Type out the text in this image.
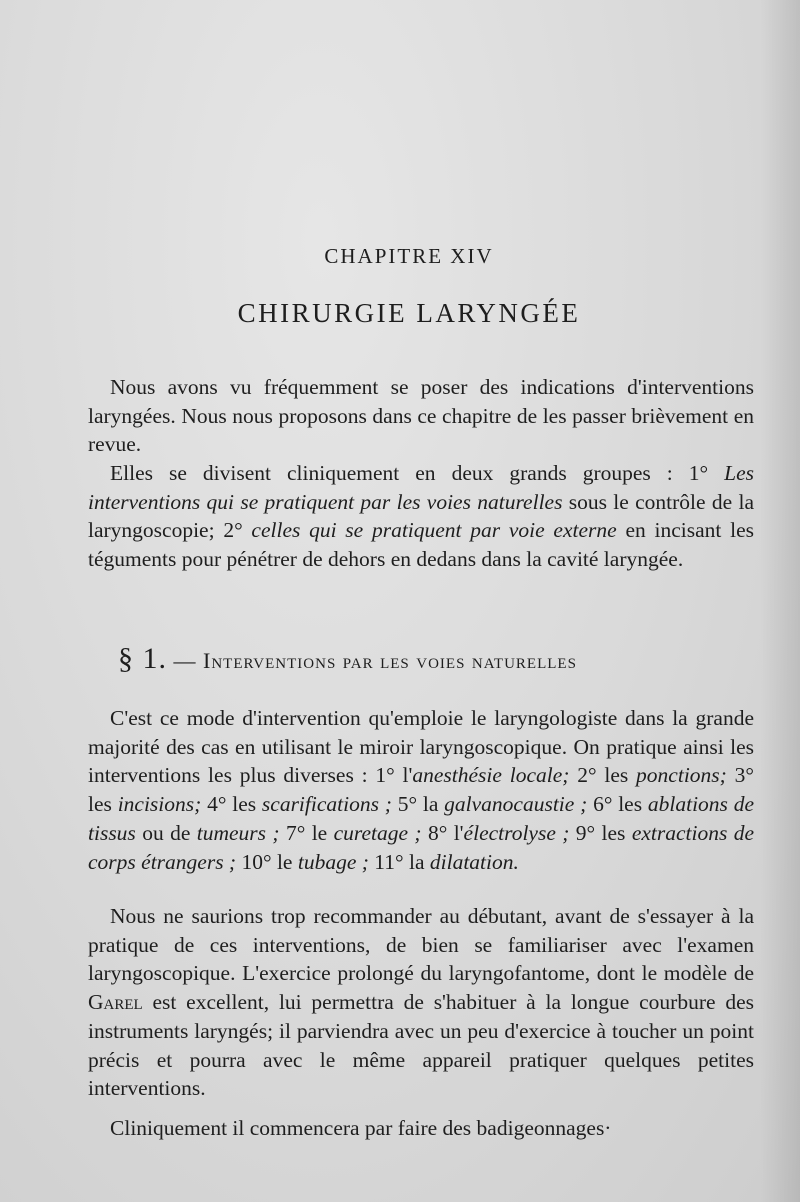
CHAPITRE XIV
CHIRURGIE LARYNGÉE

Nous avons vu fréquemment se poser des indications d'interventions laryngées. Nous nous proposons dans ce chapitre de les passer brièvement en revue.

Elles se divisent cliniquement en deux grands groupes : 1° Les interventions qui se pratiquent par les voies naturelles sous le contrôle de la laryngoscopie; 2° celles qui se pratiquent par voie externe en incisant les téguments pour pénétrer de dehors en dedans dans la cavité laryngée.

§ 1. — Interventions par les voies naturelles

C'est ce mode d'intervention qu'emploie le laryngologiste dans la grande majorité des cas en utilisant le miroir laryngoscopique. On pratique ainsi les interventions les plus diverses : 1° l'anesthésie locale; 2° les ponctions; 3° les incisions; 4° les scarifications ; 5° la galvanocaustie ; 6° les ablations de tissus ou de tumeurs ; 7° le curetage ; 8° l'électrolyse ; 9° les extractions de corps étrangers ; 10° le tubage ; 11° la dilatation.

Nous ne saurions trop recommander au débutant, avant de s'essayer à la pratique de ces interventions, de bien se familiariser avec l'examen laryngoscopique. L'exercice prolongé du laryngofantome, dont le modèle de Garel est excellent, lui permettra de s'habituer à la longue courbure des instruments laryngés; il parviendra avec un peu d'exercice à toucher un point précis et pourra avec le même appareil pratiquer quelques petites interventions.

Cliniquement il commencera par faire des badigeonnages·
